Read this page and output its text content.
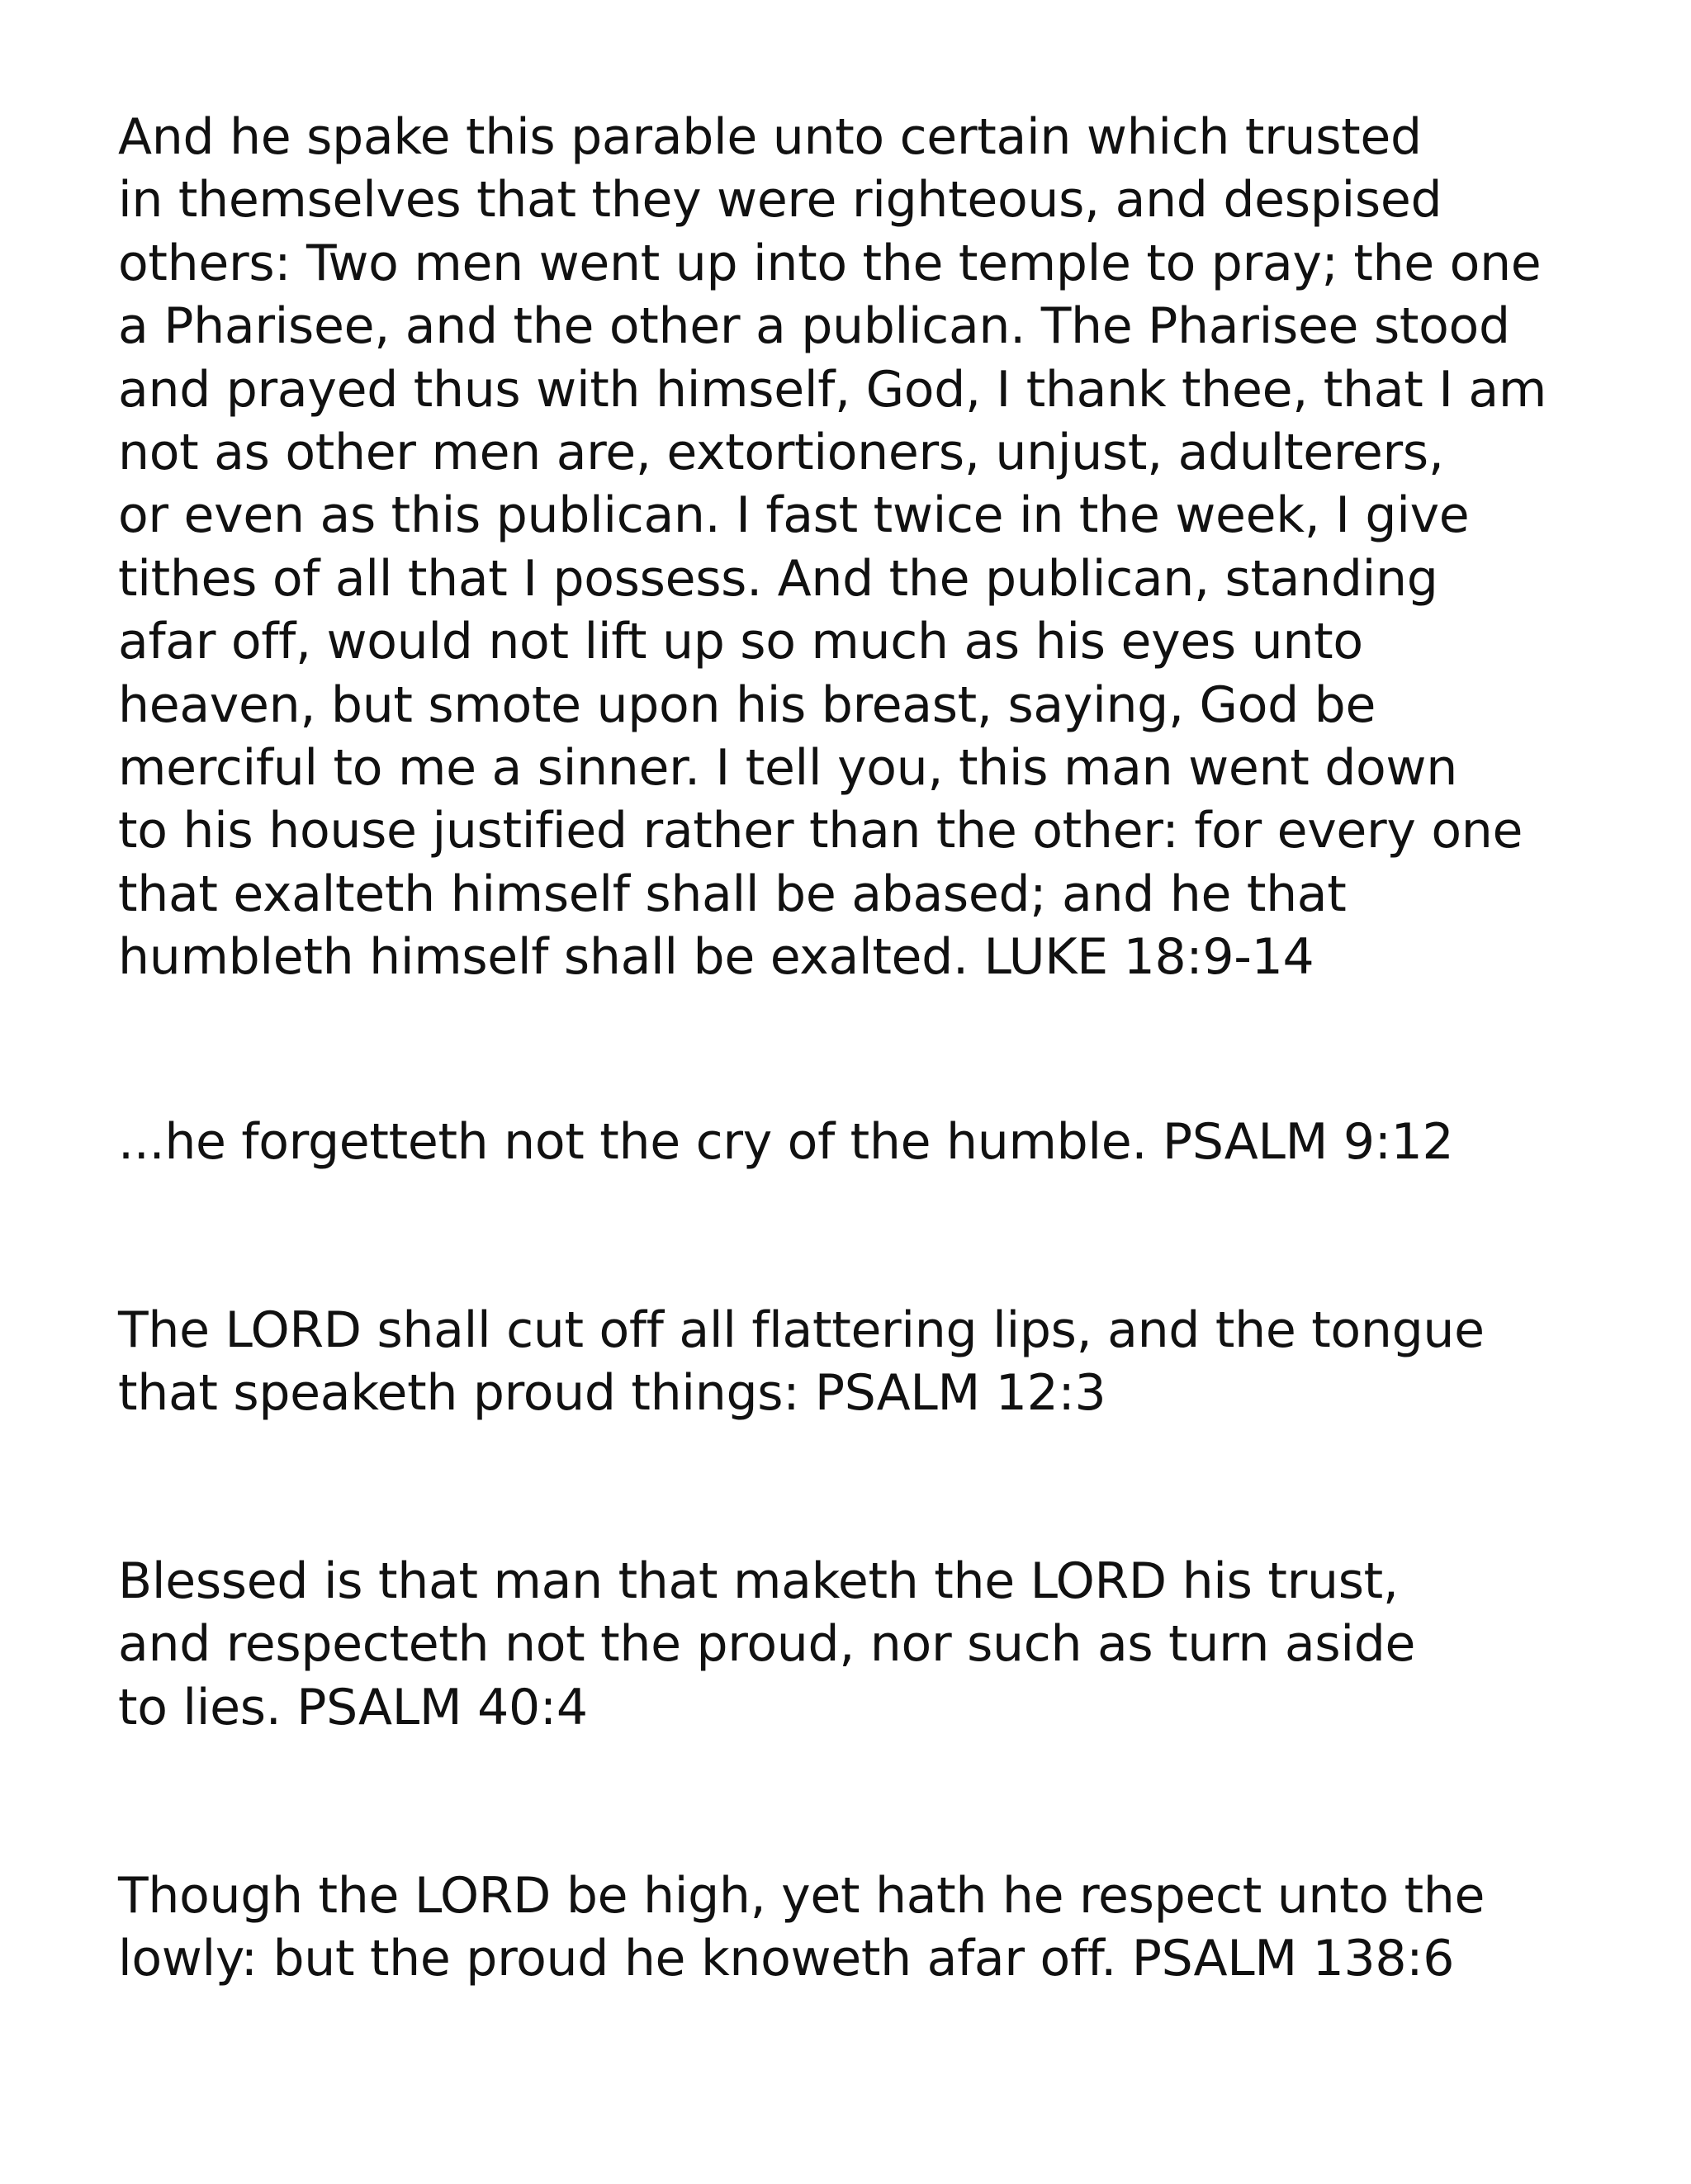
And he spake this parable unto certain which trusted
in themselves that they were righteous, and despised
others: Two men went up into the temple to pray; the one
a Pharisee, and the other a publican. The Pharisee stood
and prayed thus with himself, God, I thank thee, that I am
not as other men are, extortioners, unjust, adulterers,
or even as this publican. I fast twice in the week, I give
tithes of all that I possess. And the publican, standing
afar off, would not lift up so much as his eyes unto
heaven, but smote upon his breast, saying, God be
merciful to me a sinner. I tell you, this man went down
to his house justified rather than the other: for every one
that exalteth himself shall be abased; and he that
humbleth himself shall be exalted. LUKE 18:9-14

...he forgetteth not the cry of the humble. PSALM 9:12

The LORD shall cut off all flattering lips, and the tongue
that speaketh proud things: PSALM 12:3

Blessed is that man that maketh the LORD his trust,
and respecteth not the proud, nor such as turn aside
to lies. PSALM 40:4

Though the LORD be high, yet hath he respect unto the
lowly: but the proud he knoweth afar off. PSALM 138:6
